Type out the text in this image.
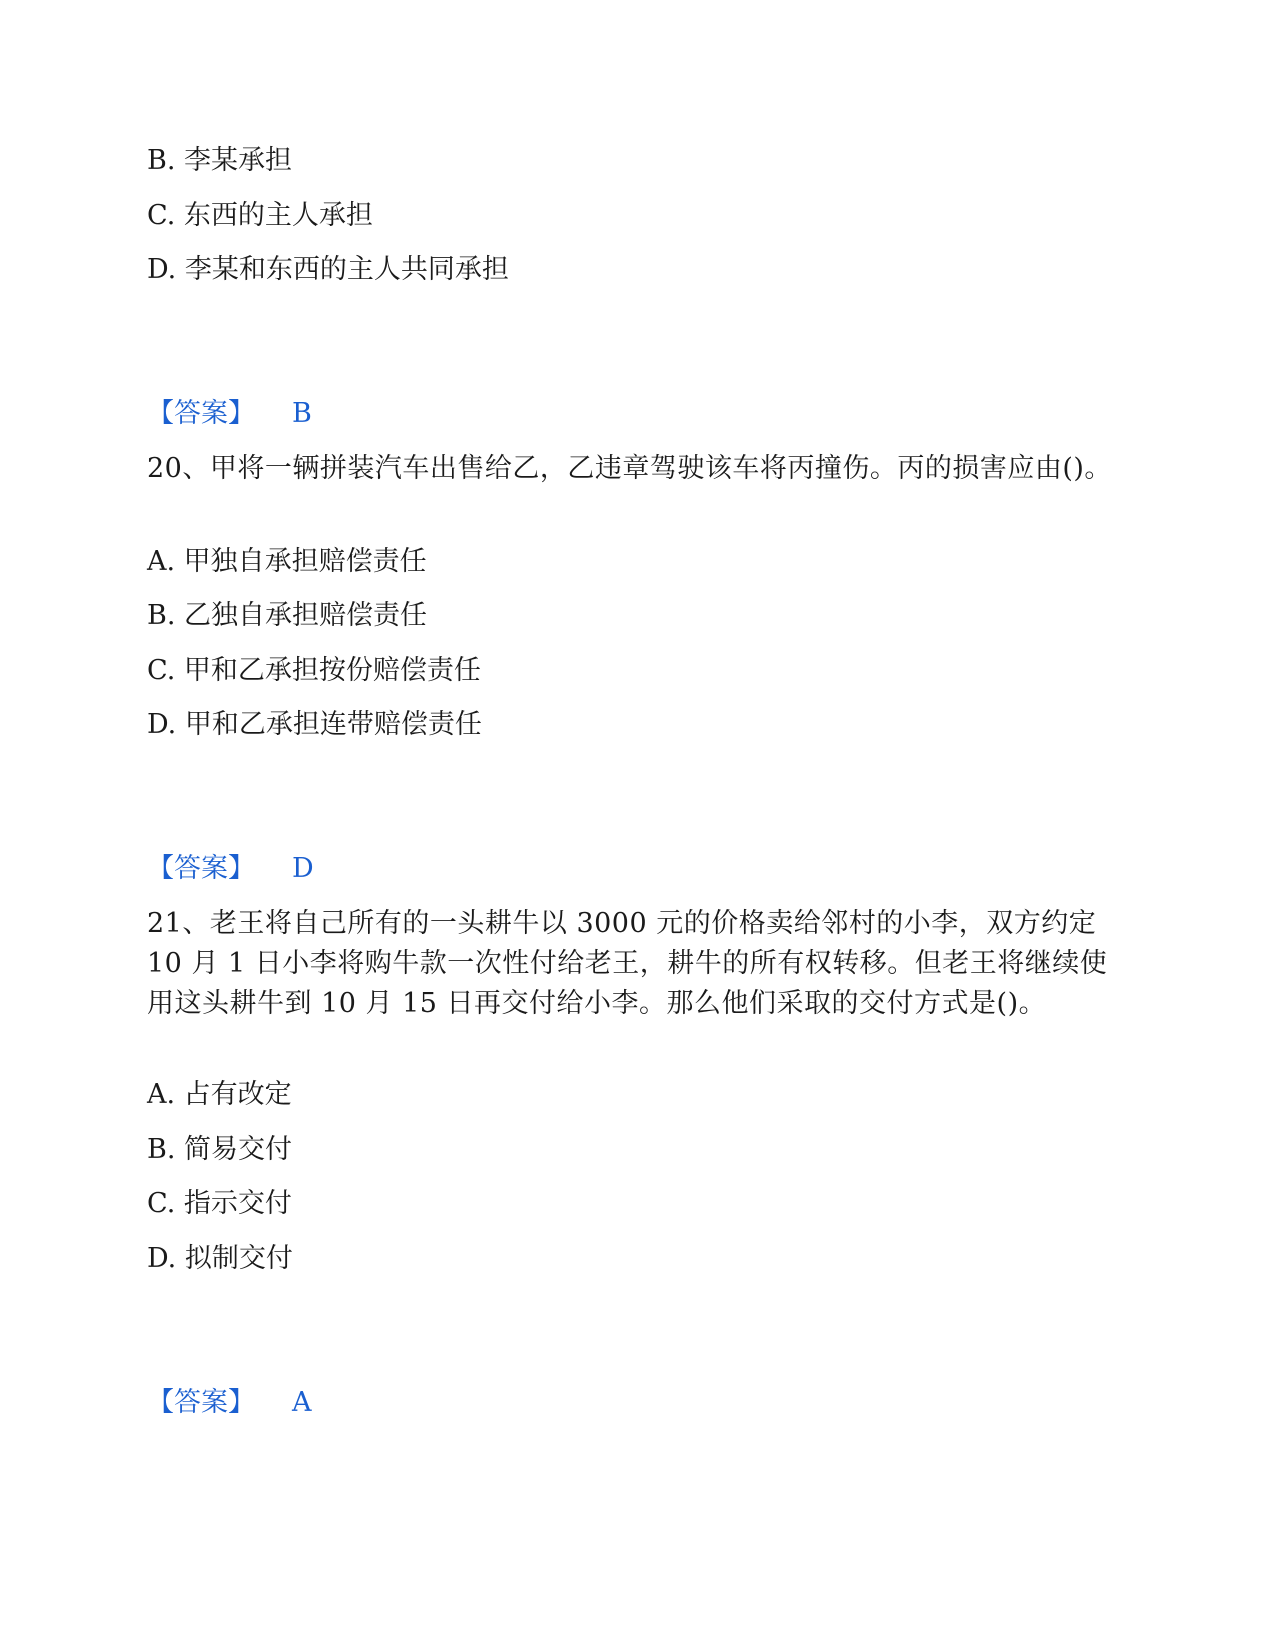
B. 李某承担
C. 东西的主人承担
D. 李某和东西的主人共同承担
【答案】 B
20、甲将一辆拼装汽车出售给乙，乙违章驾驶该车将丙撞伤。丙的损害应由()。
A. 甲独自承担赔偿责任
B. 乙独自承担赔偿责任
C. 甲和乙承担按份赔偿责任
D. 甲和乙承担连带赔偿责任
【答案】 D
21、老王将自己所有的一头耕牛以 3000 元的价格卖给邻村的小李，双方约定 10 月 1 日小李将购牛款一次性付给老王，耕牛的所有权转移。但老王将继续使用这头耕牛到 10 月 15 日再交付给小李。那么他们采取的交付方式是()。
A. 占有改定
B. 简易交付
C. 指示交付
D. 拟制交付
【答案】 A
